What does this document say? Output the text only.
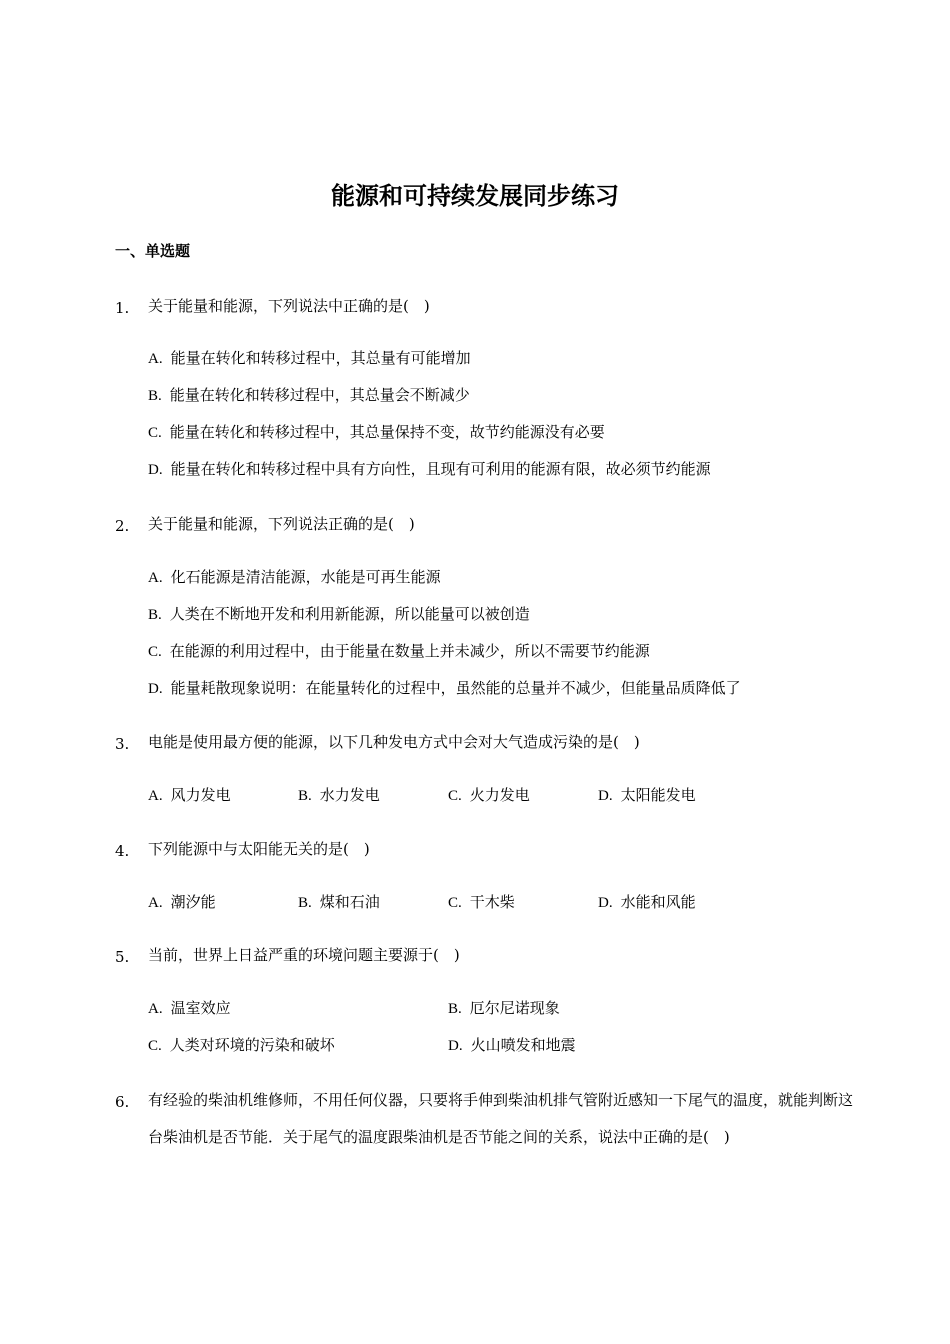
能源和可持续发展同步练习
一、单选题
1.	关于能量和能源，下列说法中正确的是(　)
A. 能量在转化和转移过程中，其总量有可能增加
B. 能量在转化和转移过程中，其总量会不断减少
C. 能量在转化和转移过程中，其总量保持不变，故节约能源没有必要
D. 能量在转化和转移过程中具有方向性，且现有可利用的能源有限，故必须节约能源
2.	关于能量和能源，下列说法正确的是(　)
A. 化石能源是清洁能源，水能是可再生能源
B. 人类在不断地开发和利用新能源，所以能量可以被创造
C. 在能源的利用过程中，由于能量在数量上并未减少，所以不需要节约能源
D. 能量耗散现象说明：在能量转化的过程中，虽然能的总量并不减少，但能量品质降低了
3.	电能是使用最方便的能源，以下几种发电方式中会对大气造成污染的是(　)
A. 风力发电	B. 水力发电	C. 火力发电	D. 太阳能发电
4.	下列能源中与太阳能无关的是(　)
A. 潮汐能	B. 煤和石油	C. 干木柴	D. 水能和风能
5.	当前，世界上日益严重的环境问题主要源于(　)
A. 温室效应	B. 厄尔尼诺现象
C. 人类对环境的污染和破坏	D. 火山喷发和地震
6.	有经验的柴油机维修师，不用任何仪器，只要将手伸到柴油机排气管附近感知一下尾气的温度，就能判断这台柴油机是否节能．关于尾气的温度跟柴油机是否节能之间的关系，说法中正确的是(　)
